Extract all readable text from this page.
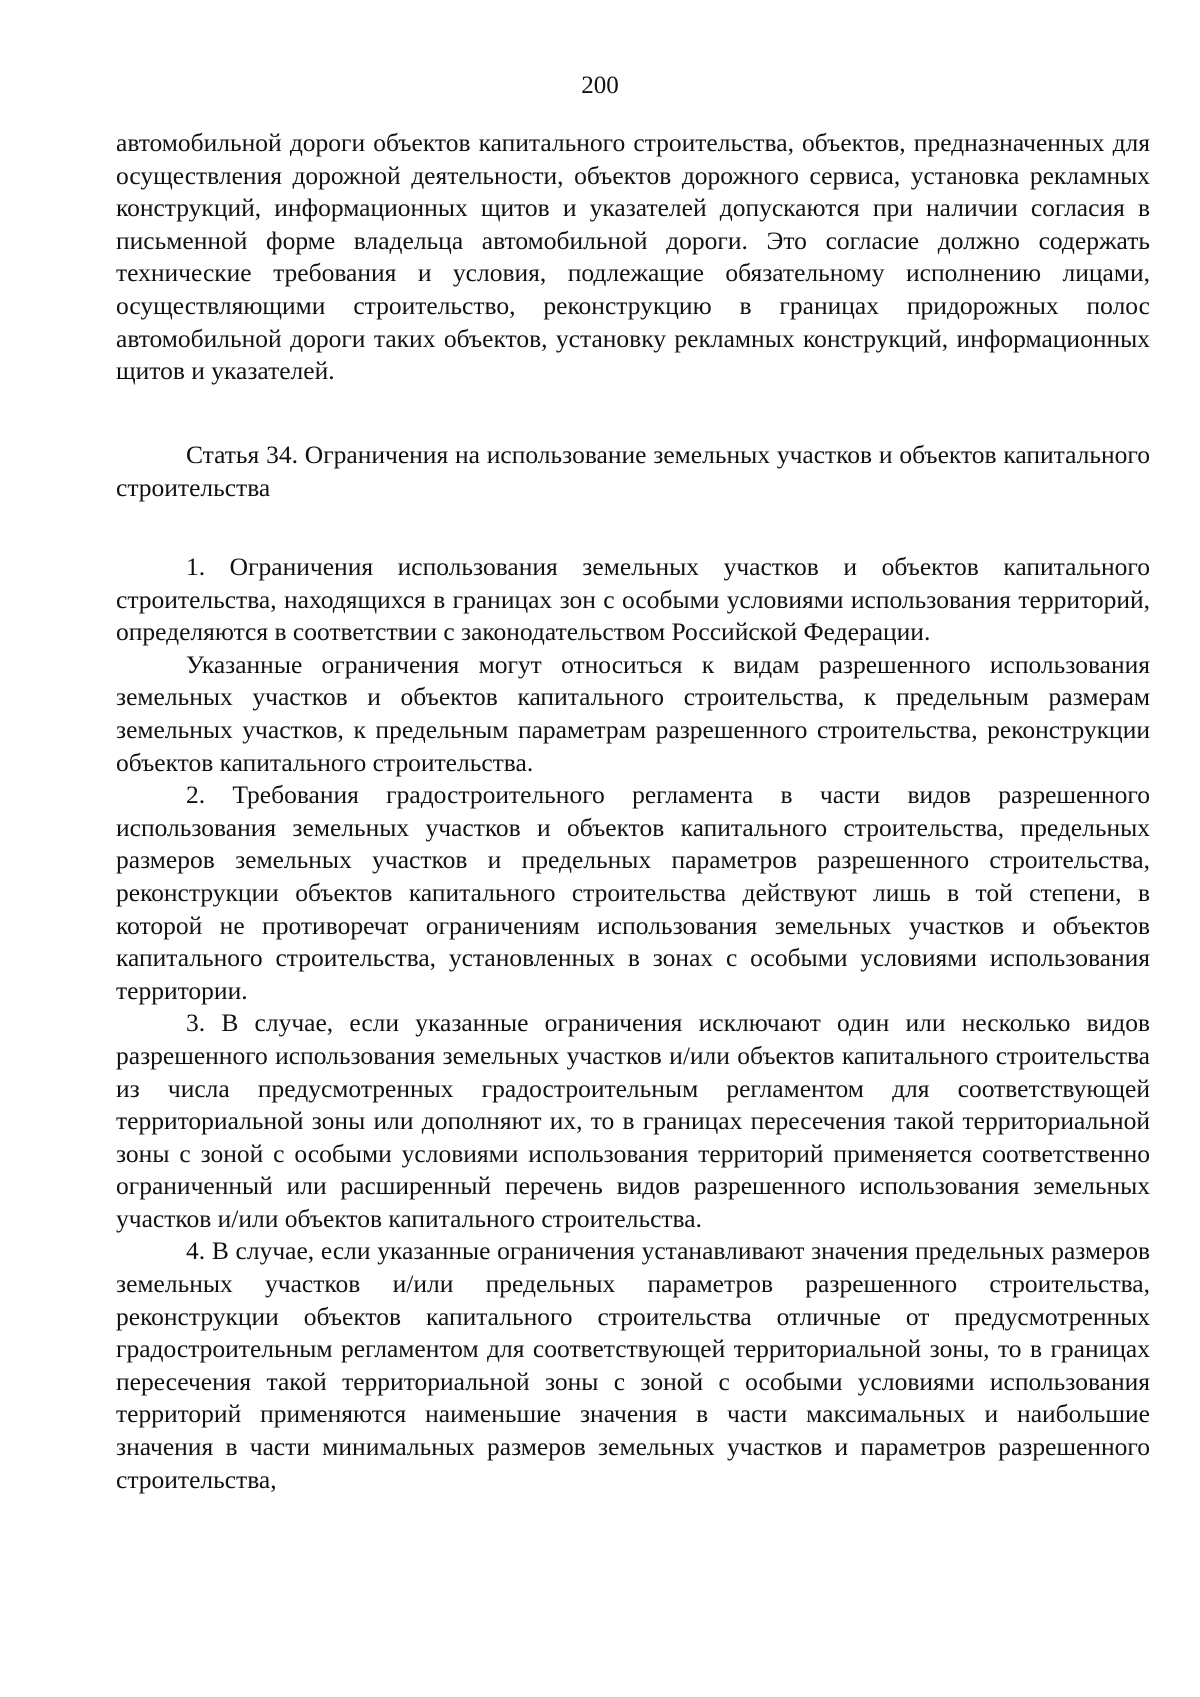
200

автомобильной дороги объектов капитального строительства, объектов, предназначенных для осуществления дорожной деятельности, объектов дорожного сервиса, установка рекламных конструкций, информационных щитов и указателей допускаются при наличии согласия в письменной форме владельца автомобильной дороги. Это согласие должно содержать технические требования и условия, подлежащие обязательному исполнению лицами, осуществляющими строительство, реконструкцию в границах придорожных полос автомобильной дороги таких объектов, установку рекламных конструкций, информационных щитов и указателей.

Статья 34. Ограничения на использование земельных участков и объектов капитального строительства

1. Ограничения использования земельных участков и объектов капитального строительства, находящихся в границах зон с особыми условиями использования территорий, определяются в соответствии с законодательством Российской Федерации.

Указанные ограничения могут относиться к видам разрешенного использования земельных участков и объектов капитального строительства, к предельным размерам земельных участков, к предельным параметрам разрешенного строительства, реконструкции объектов капитального строительства.

2. Требования градостроительного регламента в части видов разрешенного использования земельных участков и объектов капитального строительства, предельных размеров земельных участков и предельных параметров разрешенного строительства, реконструкции объектов капитального строительства действуют лишь в той степени, в которой не противоречат ограничениям использования земельных участков и объектов капитального строительства, установленных в зонах с особыми условиями использования территории.

3. В случае, если указанные ограничения исключают один или несколько видов разрешенного использования земельных участков и/или объектов капитального строительства из числа предусмотренных градостроительным регламентом для соответствующей территориальной зоны или дополняют их, то в границах пересечения такой территориальной зоны с зоной с особыми условиями использования территорий применяется соответственно ограниченный или расширенный перечень видов разрешенного использования земельных участков и/или объектов капитального строительства.

4. В случае, если указанные ограничения устанавливают значения предельных размеров земельных участков и/или предельных параметров разрешенного строительства, реконструкции объектов капитального строительства отличные от предусмотренных градостроительным регламентом для соответствующей территориальной зоны, то в границах пересечения такой территориальной зоны с зоной с особыми условиями использования территорий применяются наименьшие значения в части максимальных и наибольшие значения в части минимальных размеров земельных участков и параметров разрешенного строительства,
